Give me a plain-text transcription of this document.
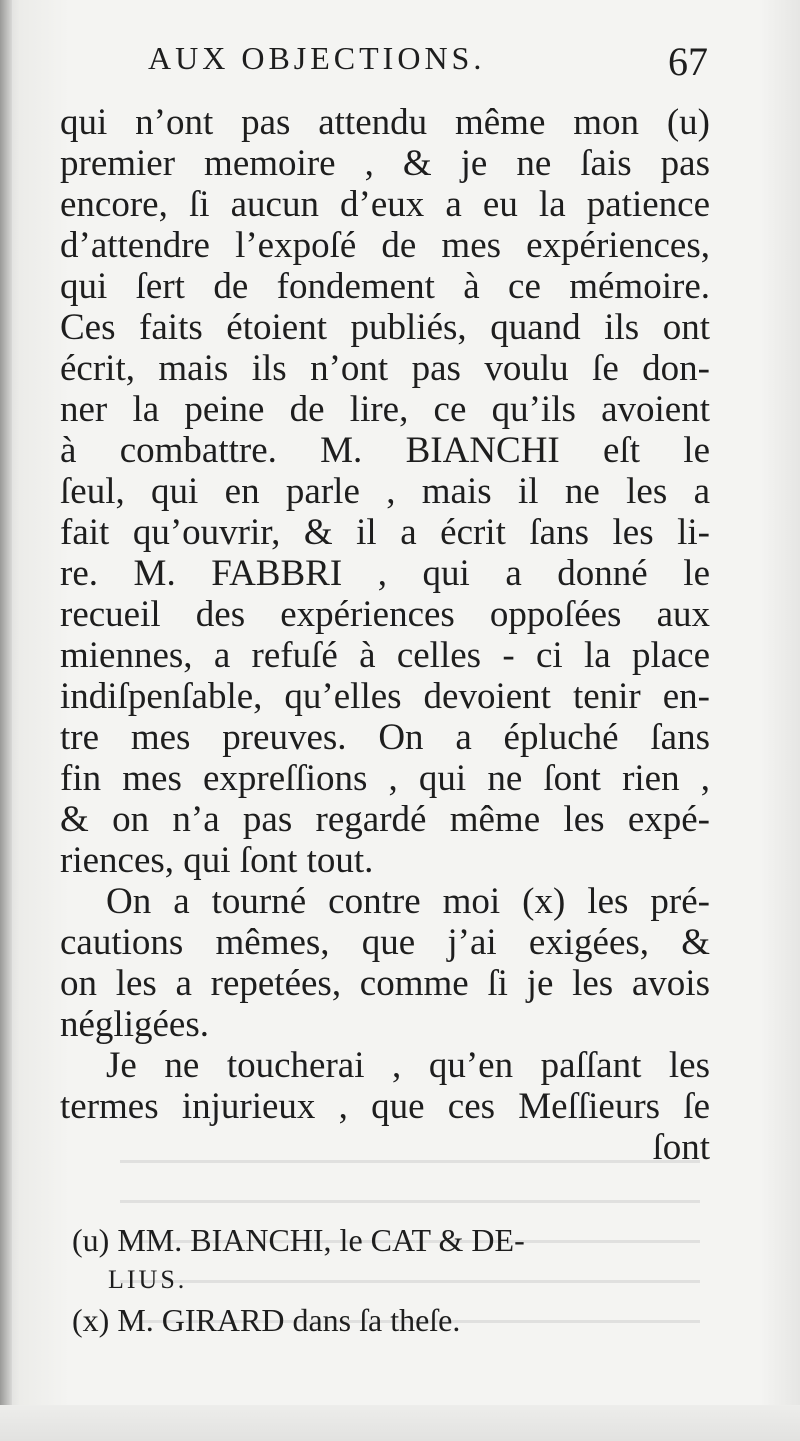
AUX OBJECTIONS.	67
qui n’ont pas attendu même mon (u)
premier memoire , & je ne ſais pas
encore, ſi aucun d’eux a eu la patience
d’attendre l’expoſé de mes expériences,
qui ſert de fondement à ce mémoire.
Ces faits étoient publiés, quand ils ont
écrit, mais ils n’ont pas voulu ſe don-
ner la peine de lire, ce qu’ils avoient
à combattre. M. BIANCHI eſt le
ſeul, qui en parle , mais il ne les a
fait qu’ouvrir, & il a écrit ſans les li-
re. M. FABBRI , qui a donné le
recueil des expériences oppoſées aux
miennes, a refuſé à celles - ci la place
indiſpenſable, qu’elles devoient tenir en-
tre mes preuves. On a épluché ſans
fin mes expreſſions , qui ne ſont rien ,
& on n’a pas regardé même les expé-
riences, qui ſont tout.
On a tourné contre moi (x) les pré-
cautions mêmes, que j’ai exigées, &
on les a repetées, comme ſi je les avois
négligées.
Je ne toucherai , qu’en paſſant les
termes injurieux , que ces Meſſieurs ſe
ſont
(u) MM. BIANCHI, le CAT & DE-
LIUS.
(x) M. GIRARD dans ſa theſe.
